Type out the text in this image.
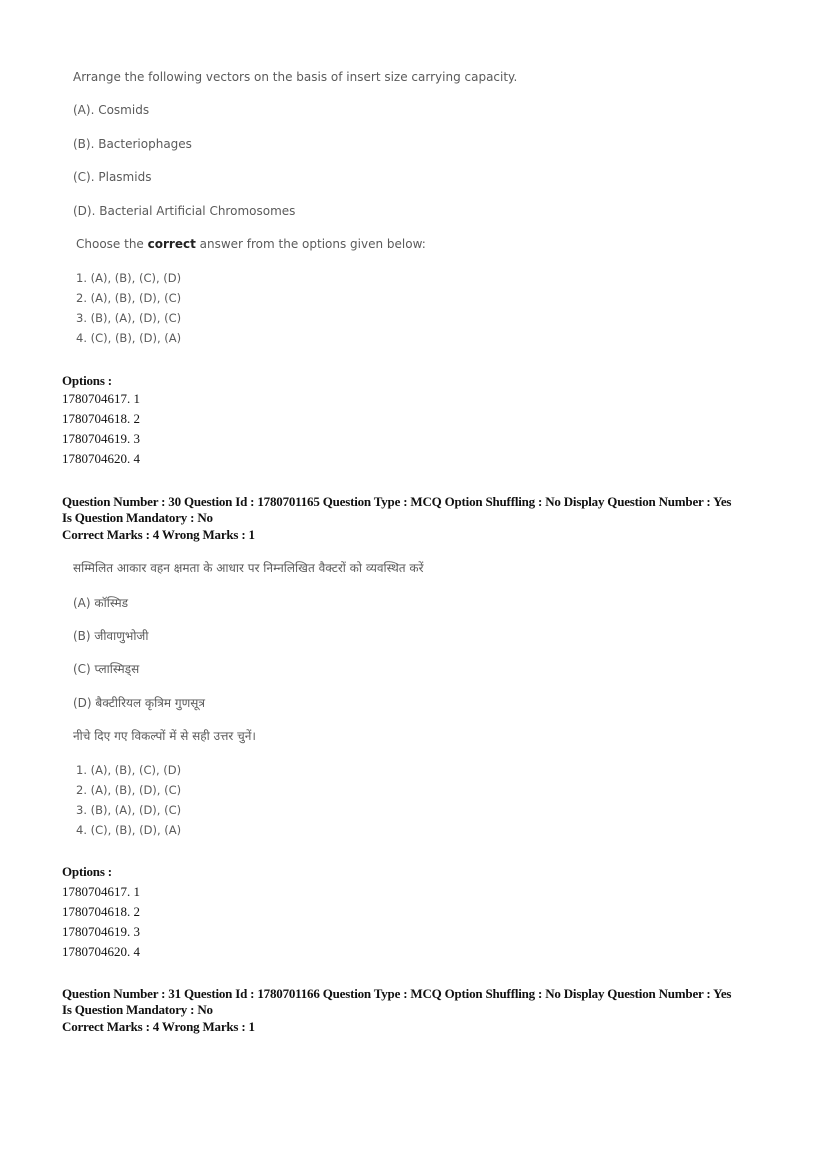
Arrange the following vectors on the basis of insert size carrying capacity.
(A). Cosmids
(B). Bacteriophages
(C). Plasmids
(D). Bacterial Artificial Chromosomes
Choose the correct answer from the options given below:
1. (A), (B), (C), (D)
2. (A), (B), (D), (C)
3. (B), (A), (D), (C)
4. (C), (B), (D), (A)
Options :
1780704617. 1
1780704618. 2
1780704619. 3
1780704620. 4
Question Number : 30 Question Id : 1780701165 Question Type : MCQ Option Shuffling : No Display Question Number : Yes
Is Question Mandatory : No
Correct Marks : 4 Wrong Marks : 1
सम्मिलित आकार वहन क्षमता के आधार पर निम्नलिखित वैक्टरों को व्यवस्थित करें
(A) कॉस्मिड
(B) जीवाणुभोजी
(C) प्लास्मिड्स
(D) बैक्टीरियल कृत्रिम गुणसूत्र
नीचे दिए गए विकल्पों में से सही उत्तर चुनें।
1. (A), (B), (C), (D)
2. (A), (B), (D), (C)
3. (B), (A), (D), (C)
4. (C), (B), (D), (A)
Options :
1780704617. 1
1780704618. 2
1780704619. 3
1780704620. 4
Question Number : 31 Question Id : 1780701166 Question Type : MCQ Option Shuffling : No Display Question Number : Yes
Is Question Mandatory : No
Correct Marks : 4 Wrong Marks : 1
